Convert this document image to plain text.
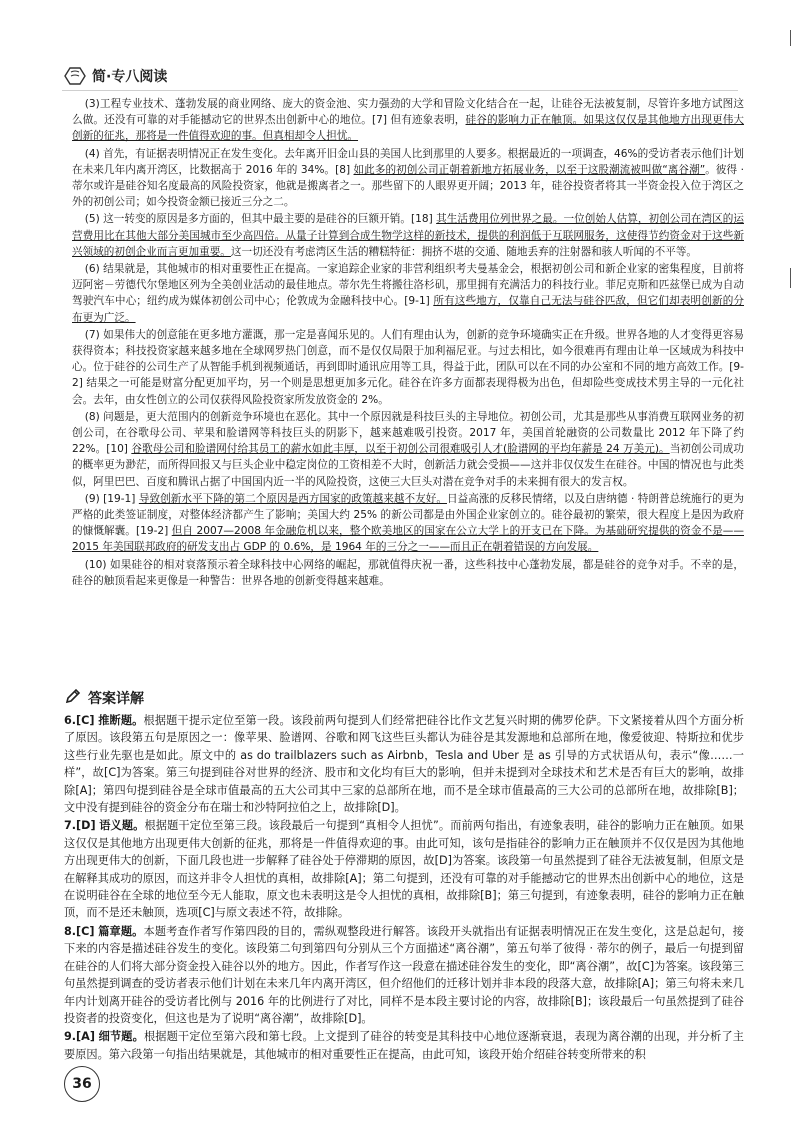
简·专八阅读

(3)工程专业技术、蓬勃发展的商业网络、庞大的资金池、实力强劲的大学和冒险文化结合在一起，让硅谷无法被复制，尽管许多地方试图这么做。还没有可靠的对手能撼动它的世界杰出创新中心的地位。[7] 但有迹象表明，硅谷的影响力正在触顶。如果这仅仅是其他地方出现更伟大创新的征兆，那将是一件值得欢迎的事。但真相却令人担忧。

(4) 首先，有证据表明情况正在发生变化。去年离开旧金山县的美国人比到那里的人要多。根据最近的一项调查，46%的受访者表示他们计划在未来几年内离开湾区，比数据高于 2016 年的 34%。[8] 如此多的初创公司正朝着新地方拓展业务，以至于这股潮流被叫做“离谷潮”。彼得 · 蒂尔或许是硅谷知名度最高的风险投资家，他就是搬离者之一。那些留下的人眼界更开阔；2013 年，硅谷投资者将其一半资金投入位于湾区之外的初创公司；如今投资金额已接近三分之二。

(5) 这一转变的原因是多方面的，但其中最主要的是硅谷的巨额开销。[18] 其生活费用位列世界之最。一位创始人估算，初创公司在湾区的运营费用比在其他大部分美国城市至少高四倍。从量子计算到合成生物学这样的新技术，提供的利润低于互联网服务，这使得节约资金对于这些新兴领域的初创企业而言更加重要。这一切还没有考虑湾区生活的糟糕特征：拥挤不堪的交通、随地丢弃的注射器和骇人听闻的不平等。

(6) 结果就是，其他城市的相对重要性正在提高。一家追踪企业家的非营利组织考夫曼基金会，根据初创公司和新企业家的密集程度，目前将迈阿密－劳德代尔堡地区列为全美创业活动的最佳地点。蒂尔先生将搬往洛杉矶，那里拥有充满活力的科技行业。菲尼克斯和匹兹堡已成为自动驾驶汽车中心；纽约成为媒体初创公司中心；伦敦成为金融科技中心。[9-1] 所有这些地方，仅靠自己无法与硅谷匹敌，但它们却表明创新的分布更为广泛。

(7) 如果伟大的创意能在更多地方灌溉，那一定是喜闻乐见的。人们有理由认为，创新的竞争环境确实正在升级。世界各地的人才变得更容易获得资本；科技投资家越来越多地在全球网罗热门创意，而不是仅仅局限于加利福尼亚。与过去相比，如今很难再有理由让单一区域成为科技中心。位于硅谷的公司生产了从智能手机到视频通话，再到即时通讯应用等工具，得益于此，团队可以在不同的办公室和不同的地方高效工作。[9-2] 结果之一可能是财富分配更加平均，另一个则是思想更加多元化。硅谷在许多方面都表现得极为出色，但却险些变成技术男主导的一元化社会。去年，由女性创立的公司仅获得风险投资家所发放资金的 2%。

(8) 问题是，更大范围内的创新竞争环境也在恶化。其中一个原因就是科技巨头的主导地位。初创公司，尤其是那些从事消费互联网业务的初创公司，在谷歌母公司、苹果和脸谱网等科技巨头的阴影下，越来越难吸引投资。2017 年，美国首轮融资的公司数量比 2012 年下降了约 22%。[10] 谷歌母公司和脸谱网付给其员工的薪水如此丰厚，以至于初创公司很难吸引人才(脸谱网的平均年薪是 24 万美元)。当初创公司成功的概率更为渺茫，而所得回报又与巨头企业中稳定岗位的工资相差不大时，创新活力就会受损——这并非仅仅发生在硅谷。中国的情况也与此类似，阿里巴巴、百度和腾讯占据了中国国内近一半的风险投资，这使三大巨头对潜在竞争对手的未来拥有很大的发言权。

(9) [19-1] 导致创新水平下降的第二个原因是西方国家的政策越来越不友好。日益高涨的反移民情绪，以及白唐纳德 · 特朗普总统施行的更为严格的此类签证制度，对整体经济都产生了影响；美国大约 25% 的新公司都是由外国企业家创立的。硅谷最初的繁荣，很大程度上是因为政府的慷慨解囊。[19-2] 但自 2007—2008 年金融危机以来，整个欧美地区的国家在公立大学上的开支已在下降。为基础研究提供的资金不是——2015 年美国联邦政府的研发支出占 GDP 的 0.6%，是 1964 年的三分之一——而且正在朝着错误的方向发展。

(10) 如果硅谷的相对衰落预示着全球科技中心网络的崛起，那就值得庆祝一番，这些科技中心蓬勃发展，都是硅谷的竞争对手。不幸的是，硅谷的触顶看起来更像是一种警告：世界各地的创新变得越来越难。

答案详解

6.[C] 推断题。根据题干提示定位至第一段。该段前两句提到人们经常把硅谷比作文艺复兴时期的佛罗伦萨。下文紧接着从四个方面分析了原因。该段第五句是原因之一：像苹果、脸谱网、谷歌和网飞这些巨头都认为硅谷是其发源地和总部所在地，像爱彼迎、特斯拉和优步这些行业先驱也是如此。原文中的 as do trailblazers such as Airbnb，Tesla and Uber 是 as 引导的方式状语从句，表示“像……一样”，故[C]为答案。第三句提到硅谷对世界的经济、股市和文化均有巨大的影响，但并未提到对全球技术和艺术是否有巨大的影响，故排除[A]；第四句提到硅谷是全球市值最高的五大公司其中三家的总部所在地，而不是全球市值最高的三大公司的总部所在地，故排除[B]；文中没有提到硅谷的资金分布在瑞士和沙特阿拉伯之上，故排除[D]。

7.[D] 语义题。根据题干定位至第三段。该段最后一句提到“真相令人担忧”。而前两句指出，有迹象表明，硅谷的影响力正在触顶。如果这仅仅是其他地方出现更伟大创新的征兆，那将是一件值得欢迎的事。由此可知，该句是指硅谷的影响力正在触顶并不仅仅是因为其他地方出现更伟大的创新，下面几段也进一步解释了硅谷处于停滞期的原因，故[D]为答案。该段第一句虽然提到了硅谷无法被复制，但原文是在解释其成功的原因，而这并非令人担忧的真相，故排除[A]；第二句提到，还没有可靠的对手能撼动它的世界杰出创新中心的地位，这是在说明硅谷在全球的地位至今无人能取，原文也未表明这是令人担忧的真相，故排除[B]；第三句提到，有迹象表明，硅谷的影响力正在触顶，而不是还未触顶，选项[C]与原文表述不符，故排除。

8.[C] 篇章题。本题考查作者写作第四段的目的，需纵观整段进行解答。该段开头就指出有证据表明情况正在发生变化，这是总起句，接下来的内容是描述硅谷发生的变化。该段第二句到第四句分别从三个方面描述“离谷潮”，第五句举了彼得 · 蒂尔的例子，最后一句提到留在硅谷的人们将大部分资金投入硅谷以外的地方。因此，作者写作这一段意在描述硅谷发生的变化，即“离谷潮”，故[C]为答案。该段第三句虽然提到调查的受访者表示他们计划在未来几年内离开湾区，但介绍他们的迁移计划并非本段的段落大意，故排除[A]；第三句将未来几年内计划离开硅谷的受访者比例与 2016 年的比例进行了对比，同样不是本段主要讨论的内容，故排除[B]；该段最后一句虽然提到了硅谷投资者的投资变化，但这也是为了说明“离谷潮”，故排除[D]。

9.[A] 细节题。根据题干定位至第六段和第七段。上文提到了硅谷的转变是其科技中心地位逐渐衰退，表现为离谷潮的出现，并分析了主要原因。第六段第一句指出结果就是，其他城市的相对重要性正在提高，由此可知，该段开始介绍硅谷转变所带来的积

36
